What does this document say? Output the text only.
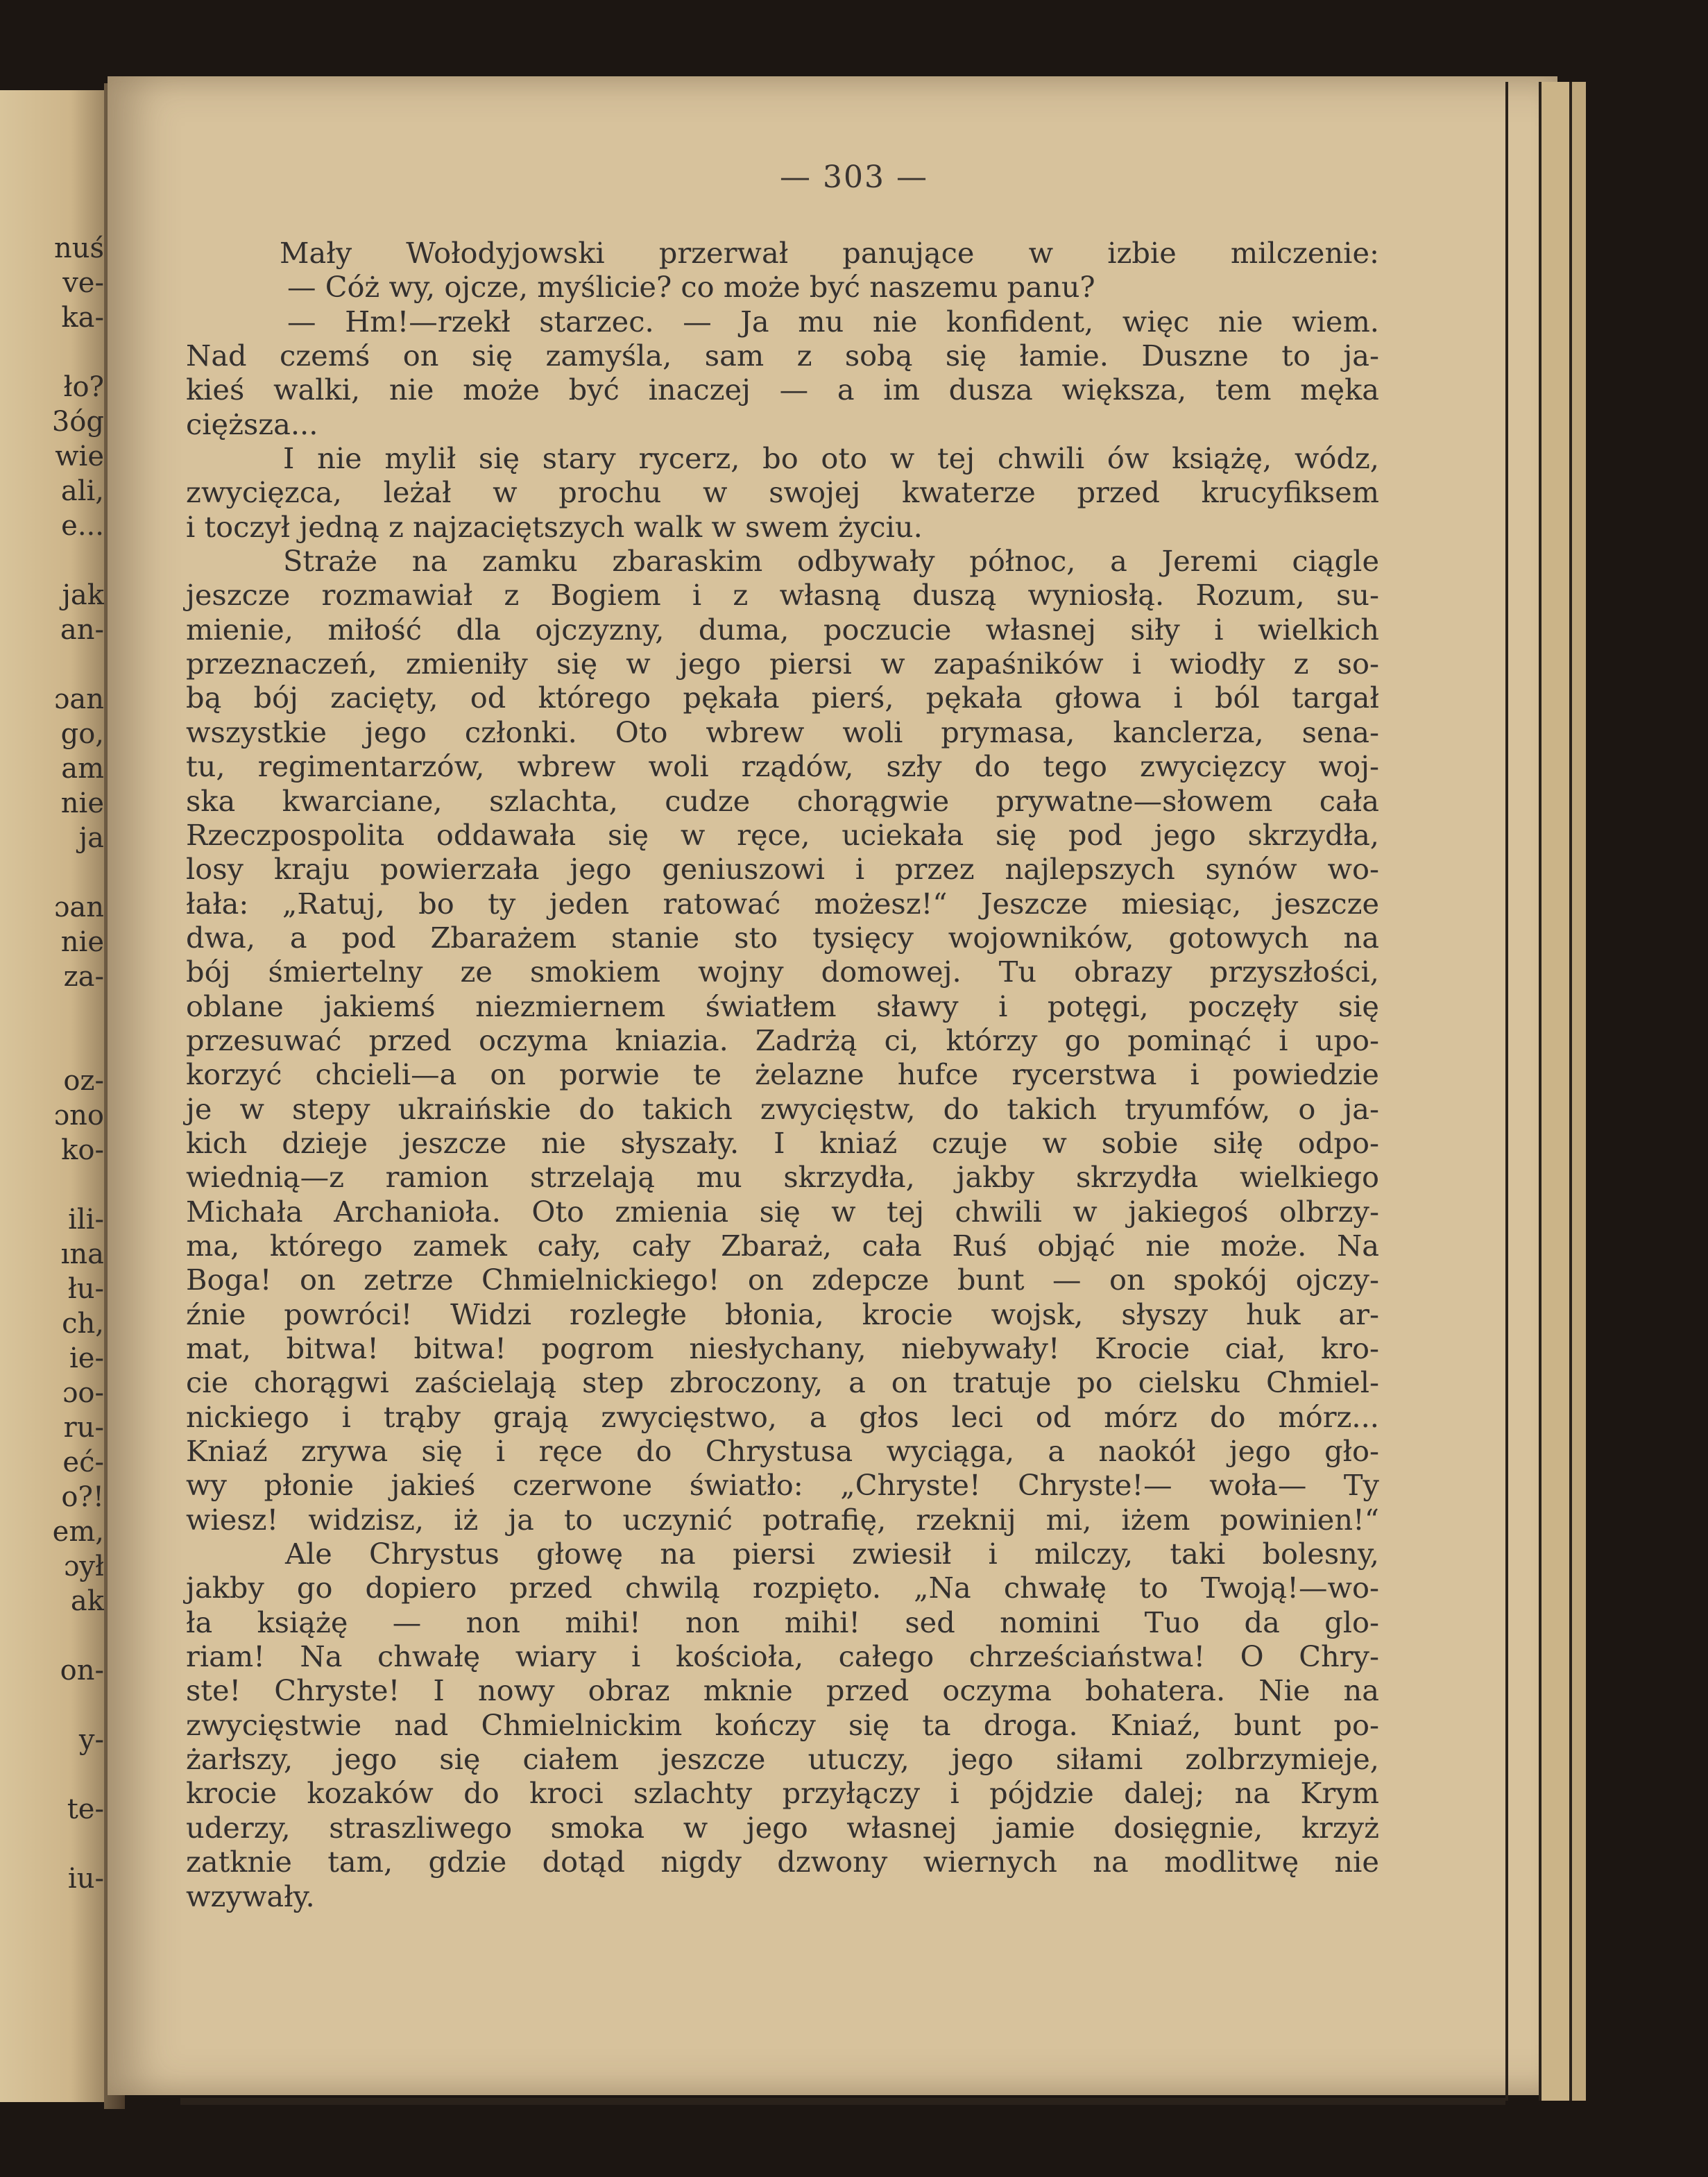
nuś
ve-
ka-
ło?
3óg
wie
ali,
e...
jak
an-
ɔan
go,
am
nie
ja
ɔan
nie
za-
oz-
ɔno
ko-
ili-
ına
łu-
ch,
ie-
ɔo-
ru-
eć-
o?!
em,
ɔył
ak
on-
y-
te-
iu-
— 303 —
Mały Wołodyjowski przerwał panujące w izbie milczenie:
— Cóż wy, ojcze, myślicie? co może być naszemu panu?
— Hm!—rzekł starzec. — Ja mu nie konfident, więc nie wiem.
Nad czemś on się zamyśla, sam z sobą się łamie. Duszne to ja-
kieś walki, nie może być inaczej — a im dusza większa, tem męka
cięższa...
I nie mylił się stary rycerz, bo oto w tej chwili ów książę, wódz,
zwycięzca, leżał w prochu w swojej kwaterze przed krucyfiksem
i toczył jedną z najzaciętszych walk w swem życiu.
Straże na zamku zbaraskim odbywały północ, a Jeremi ciągle
jeszcze rozmawiał z Bogiem i z własną duszą wyniosłą. Rozum, su-
mienie, miłość dla ojczyzny, duma, poczucie własnej siły i wielkich
przeznaczeń, zmieniły się w jego piersi w zapaśników i wiodły z so-
bą bój zacięty, od którego pękała pierś, pękała głowa i ból targał
wszystkie jego członki. Oto wbrew woli prymasa, kanclerza, sena-
tu, regimentarzów, wbrew woli rządów, szły do tego zwycięzcy woj-
ska kwarciane, szlachta, cudze chorągwie prywatne—słowem cała
Rzeczpospolita oddawała się w ręce, uciekała się pod jego skrzydła,
losy kraju powierzała jego geniuszowi i przez najlepszych synów wo-
łała: „Ratuj, bo ty jeden ratować możesz!“ Jeszcze miesiąc, jeszcze
dwa, a pod Zbarażem stanie sto tysięcy wojowników, gotowych na
bój śmiertelny ze smokiem wojny domowej. Tu obrazy przyszłości,
oblane jakiemś niezmiernem światłem sławy i potęgi, poczęły się
przesuwać przed oczyma kniazia. Zadrżą ci, którzy go pominąć i upo-
korzyć chcieli—a on porwie te żelazne hufce rycerstwa i powiedzie
je w stepy ukraińskie do takich zwycięstw, do takich tryumfów, o ja-
kich dzieje jeszcze nie słyszały. I kniaź czuje w sobie siłę odpo-
wiednią—z ramion strzelają mu skrzydła, jakby skrzydła wielkiego
Michała Archanioła. Oto zmienia się w tej chwili w jakiegoś olbrzy-
ma, którego zamek cały, cały Zbaraż, cała Ruś objąć nie może. Na
Boga! on zetrze Chmielnickiego! on zdepcze bunt — on spokój ojczy-
źnie powróci! Widzi rozległe błonia, krocie wojsk, słyszy huk ar-
mat, bitwa! bitwa! pogrom niesłychany, niebywały! Krocie ciał, kro-
cie chorągwi zaścielają step zbroczony, a on tratuje po cielsku Chmiel-
nickiego i trąby grają zwycięstwo, a głos leci od mórz do mórz...
Kniaź zrywa się i ręce do Chrystusa wyciąga, a naokół jego gło-
wy płonie jakieś czerwone światło: „Chryste! Chryste!— woła— Ty
wiesz! widzisz, iż ja to uczynić potrafię, rzeknij mi, iżem powinien!“
Ale Chrystus głowę na piersi zwiesił i milczy, taki bolesny,
jakby go dopiero przed chwilą rozpięto. „Na chwałę to Twoją!—wo-
ła książę — non mihi! non mihi! sed nomini Tuo da glo-
riam! Na chwałę wiary i kościoła, całego chrześciaństwa! O Chry-
ste! Chryste! I nowy obraz mknie przed oczyma bohatera. Nie na
zwycięstwie nad Chmielnickim kończy się ta droga. Kniaź, bunt po-
żarłszy, jego się ciałem jeszcze utuczy, jego siłami zolbrzymieje,
krocie kozaków do kroci szlachty przyłączy i pójdzie dalej; na Krym
uderzy, straszliwego smoka w jego własnej jamie dosięgnie, krzyż
zatknie tam, gdzie dotąd nigdy dzwony wiernych na modlitwę nie
wzywały.
